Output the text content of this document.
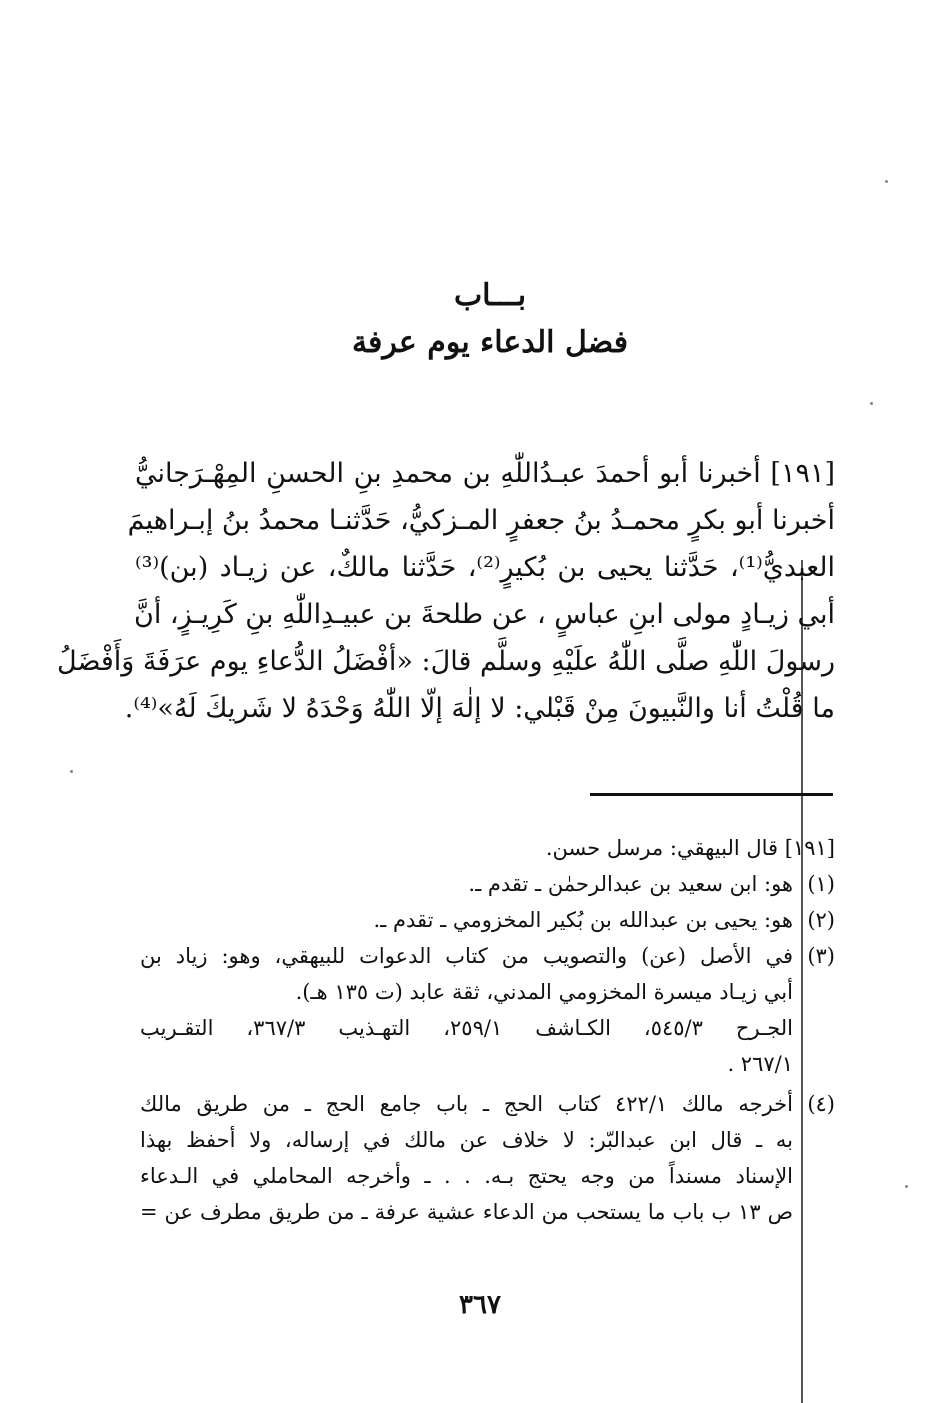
بـــاب
فضل الدعاء يوم عرفة
[١٩١] أخبرنا أبو أحمدَ عبـدُاللّٰهِ بن محمدِ بنِ الحسنِ المِهْـرَجانيُّ
أخبرنا أبو بكرٍ محمـدُ بنُ جعفرٍ المـزكيُّ، حَدَّثنـا محمدُ بنُ إبـراهيمَ
العبديُّ⁽¹⁾، حَدَّثنا يحيى بن بُكيرٍ⁽²⁾، حَدَّثنا مالكٌ، عن زيـاد (بن)⁽³⁾
أبي زيـادٍ مولى ابنِ عباسٍ ، عن طلحةَ بن عبيـدِاللّٰهِ بنِ كَرِيـزٍ، أنَّ
رسولَ اللّٰهِ صلَّى اللّٰهُ علَيْهِ وسلَّم قالَ: «أفْضَلُ الدُّعاءِ يوم عرَفَةَ وَأَفْضَلُ
ما قُلْتُ أنا والنَّبيونَ مِنْ قَبْلي: لا إلٰهَ إلّا اللّٰهُ وَحْدَهُ لا شَريكَ لَهُ»⁽⁴⁾.
[١٩١] قال البيهقي: مرسل حسن.
(١)
هو: ابن سعيد بن عبدالرحمٰن ـ تقدم ـ.
(٢)
هو: يحيى بن عبدالله بن بُكير المخزومي ـ تقدم ـ.
(٣)
في الأصل (عن) والتصويب من كتاب الدعوات للبيهقي، وهو: زياد بن
أبي زيـاد ميسرة المخزومي المدني، ثقة عابد (ت ١٣٥ هـ).
الجـرح ٥٤٥/٣، الكـاشف ٢٥٩/١، التهـذيب ٣٦٧/٣، التقـريب
٢٦٧/١ .
(٤)
أخرجه مالك ٤٢٢/١ كتاب الحج ـ باب جامع الحج ـ من طريق مالك
به ـ قال ابن عبدالبّر: لا خلاف عن مالك في إرساله، ولا أحفظ بهذا
الإسناد مسنداً من وجه يحتج بـه. . . ـ وأخرجه المحاملي في الـدعاء
ص ١٣ ب باب ما يستحب من الدعاء عشية عرفة ـ من طريق مطرف عن =
٣٦٧
